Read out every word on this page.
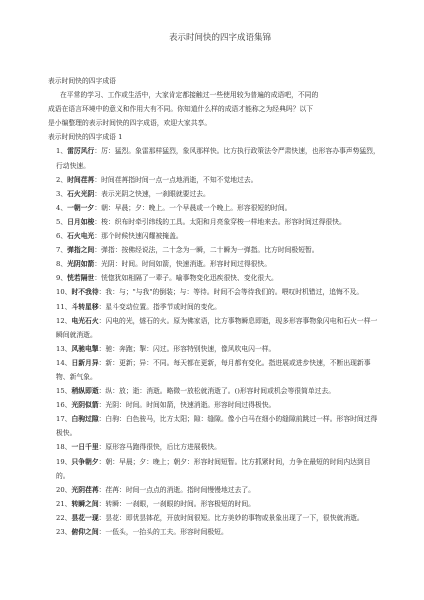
表示时间快的四字成语集锦
表示时间快的四字成语
在平常的学习、工作或生活中，大家肯定都接触过一些使用较为普遍的成语吧，不同的
成语在语言环境中的意义和作用大有不同。你知道什么样的成语才能称之为经典吗？以下
是小编整理的表示时间快的四字成语，欢迎大家共享。
表示时间快的四字成语 1
1、雷厉风行：厉：猛烈。象雷那样猛烈，象风那样快。比方执行政策法令严肃快速，也形容办事声势猛烈，行动快速。
2、时间荏苒：时间荏苒指时间一点一点地消逝，不知不觉地过去。
3、石火光阴：表示光阴之快速，一刹眼就要过去。
4、一朝一夕：朝：早晨；夕：晚上。一个早晨或一个晚上。形容很短的时间。
5、日月如梭：梭：织布时牵引纬线的工具。太阳和月亮象穿梭一样地来去。形容时间过得很快。
6、石火电光：那个时候快速闪耀被掩盖。
7、弹指之间：弹指：按佛经说法，二十念为一瞬，二十瞬为一弹指。比方时间极短暂。
8、光阴如箭：光阴：时间。时间如箭，快速消逝。形容时间过得很快。
9、恍若隔世：恍惚犹如相隔了一辈子。喻事物变化迅疾很快、变化很大。
10、时不我待：我：与；"与我"的倒装；与：等待。时间不会等待我们的。喂叹时机错过，追悔不及。
11、斗转星移：星斗变动位置。指季节或时间的变化。
12、电光石火：闪电的光，燧石的火。原为佛家语，比方事物瞬息即逝，现多形容事物象闪电和石火一样一瞬间就消逝。
13、风驰电掣：驰：奔跑；掣：闪过。形容特别快速，像风吹电闪一样。
14、日新月异：新：更新；异：不同。每天都在更新，每月都有变化。指进展或进步快速，不断出现新事物、新气象。
15、稍纵即逝：纵：放；逝：消逝。略微一放松就消逝了。()形容时间或机会等很简单过去。
16、光阴似箭：光阴：时间。时间如箭，快速消逝。形容时间过得极快。
17、白驹过隙：白驹：白色骏马，比方太阳；隙：缝隙。像小白马在细小的缝隙前跳过一样。形容时间过得极快。
18、一日千里：原形容马跑得很快，后比方进展极快。
19、只争朝夕：朝：早晨；夕：晚上；朝夕：形容时间短暂。比方抓紧时间，力争在最短的时间内达到目的。
20、光阴荏苒：荏苒：时间一点点的消逝。指时间慢慢地过去了。
21、转瞬之间：转瞬：一刹眼，一刹眼的时间。形容极短的时间。
22、昙花一现：昙花：即优昙钵花，开放时间很短。比方美妙的事物或景象出现了一下，很快就消逝。
23、俯仰之间：一低头，一抬头的工夫。形容时间极短。
